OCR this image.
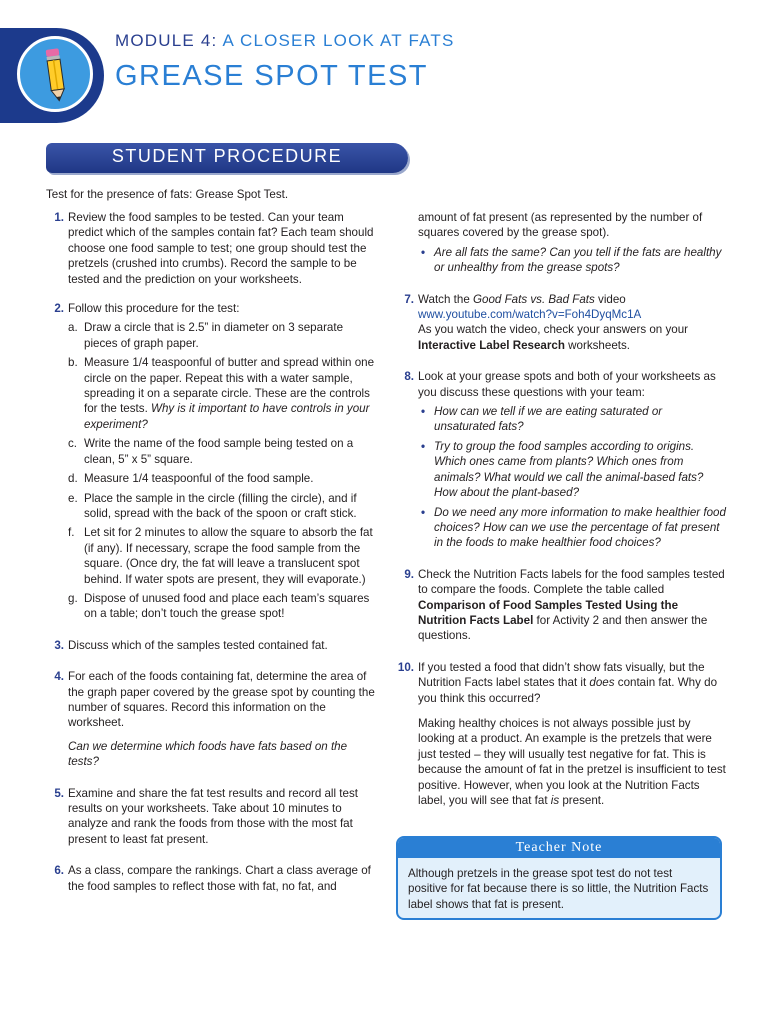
MODULE 4: A CLOSER LOOK AT FATS
GREASE SPOT TEST
STUDENT PROCEDURE
Test for the presence of fats: Grease Spot Test.
1. Review the food samples to be tested. Can your team predict which of the samples contain fat? Each team should choose one food sample to test; one group should test the pretzels (crushed into crumbs). Record the sample to be tested and the prediction on your worksheets.

2. Follow this procedure for the test:

a. Draw a circle that is 2.5” in diameter on 3 separate pieces of graph paper.

b. Measure 1/4 teaspoonful of butter and spread within one circle on the paper. Repeat this with a water sample, spreading it on a separate circle. These are the controls for the tests. Why is it important to have controls in your experiment?

c. Write the name of the food sample being tested on a clean, 5” x 5” square.

d. Measure 1/4 teaspoonful of the food sample.

e. Place the sample in the circle (filling the circle), and if solid, spread with the back of the spoon or craft stick.

f. Let sit for 2 minutes to allow the square to absorb the fat (if any). If necessary, scrape the food sample from the square. (Once dry, the fat will leave a translucent spot behind. If water spots are present, they will evaporate.)

g. Dispose of unused food and place each team’s squares on a table; don’t touch the grease spot!

3. Discuss which of the samples tested contained fat.

4. For each of the foods containing fat, determine the area of the graph paper covered by the grease spot by counting the number of squares. Record this information on the worksheet.

Can we determine which foods have fats based on the tests?

5. Examine and share the fat test results and record all test results on your worksheets. Take about 10 minutes to analyze and rank the foods from those with the most fat present to least fat present.

6. As a class, compare the rankings. Chart a class average of the food samples to reflect those with fat, no fat, and

amount of fat present (as represented by the number of squares covered by the grease spot).

• Are all fats the same? Can you tell if the fats are healthy or unhealthy from the grease spots?

7. Watch the Good Fats vs. Bad Fats video

www.youtube.com/watch?v=Foh4DyqMc1A

As you watch the video, check your answers on your Interactive Label Research worksheets.

8. Look at your grease spots and both of your worksheets as you discuss these questions with your team:

• How can we tell if we are eating saturated or unsaturated fats?

• Try to group the food samples according to origins. Which ones came from plants? Which ones from animals? What would we call the animal-based fats? How about the plant-based?

• Do we need any more information to make healthier food choices? How can we use the percentage of fat present in the foods to make healthier food choices?

9. Check the Nutrition Facts labels for the food samples tested to compare the foods. Complete the table called Comparison of Food Samples Tested Using the Nutrition Facts Label for Activity 2 and then answer the questions.

10. If you tested a food that didn’t show fats visually, but the Nutrition Facts label states that it does contain fat. Why do you think this occurred?

Making healthy choices is not always possible just by looking at a product. An example is the pretzels that were just tested – they will usually test negative for fat. This is because the amount of fat in the pretzel is insufficient to test positive. However, when you look at the Nutrition Facts label, you will see that fat is present.

Teacher Note
Although pretzels in the grease spot test do not test positive for fat because there is so little, the Nutrition Facts label shows that fat is present.
